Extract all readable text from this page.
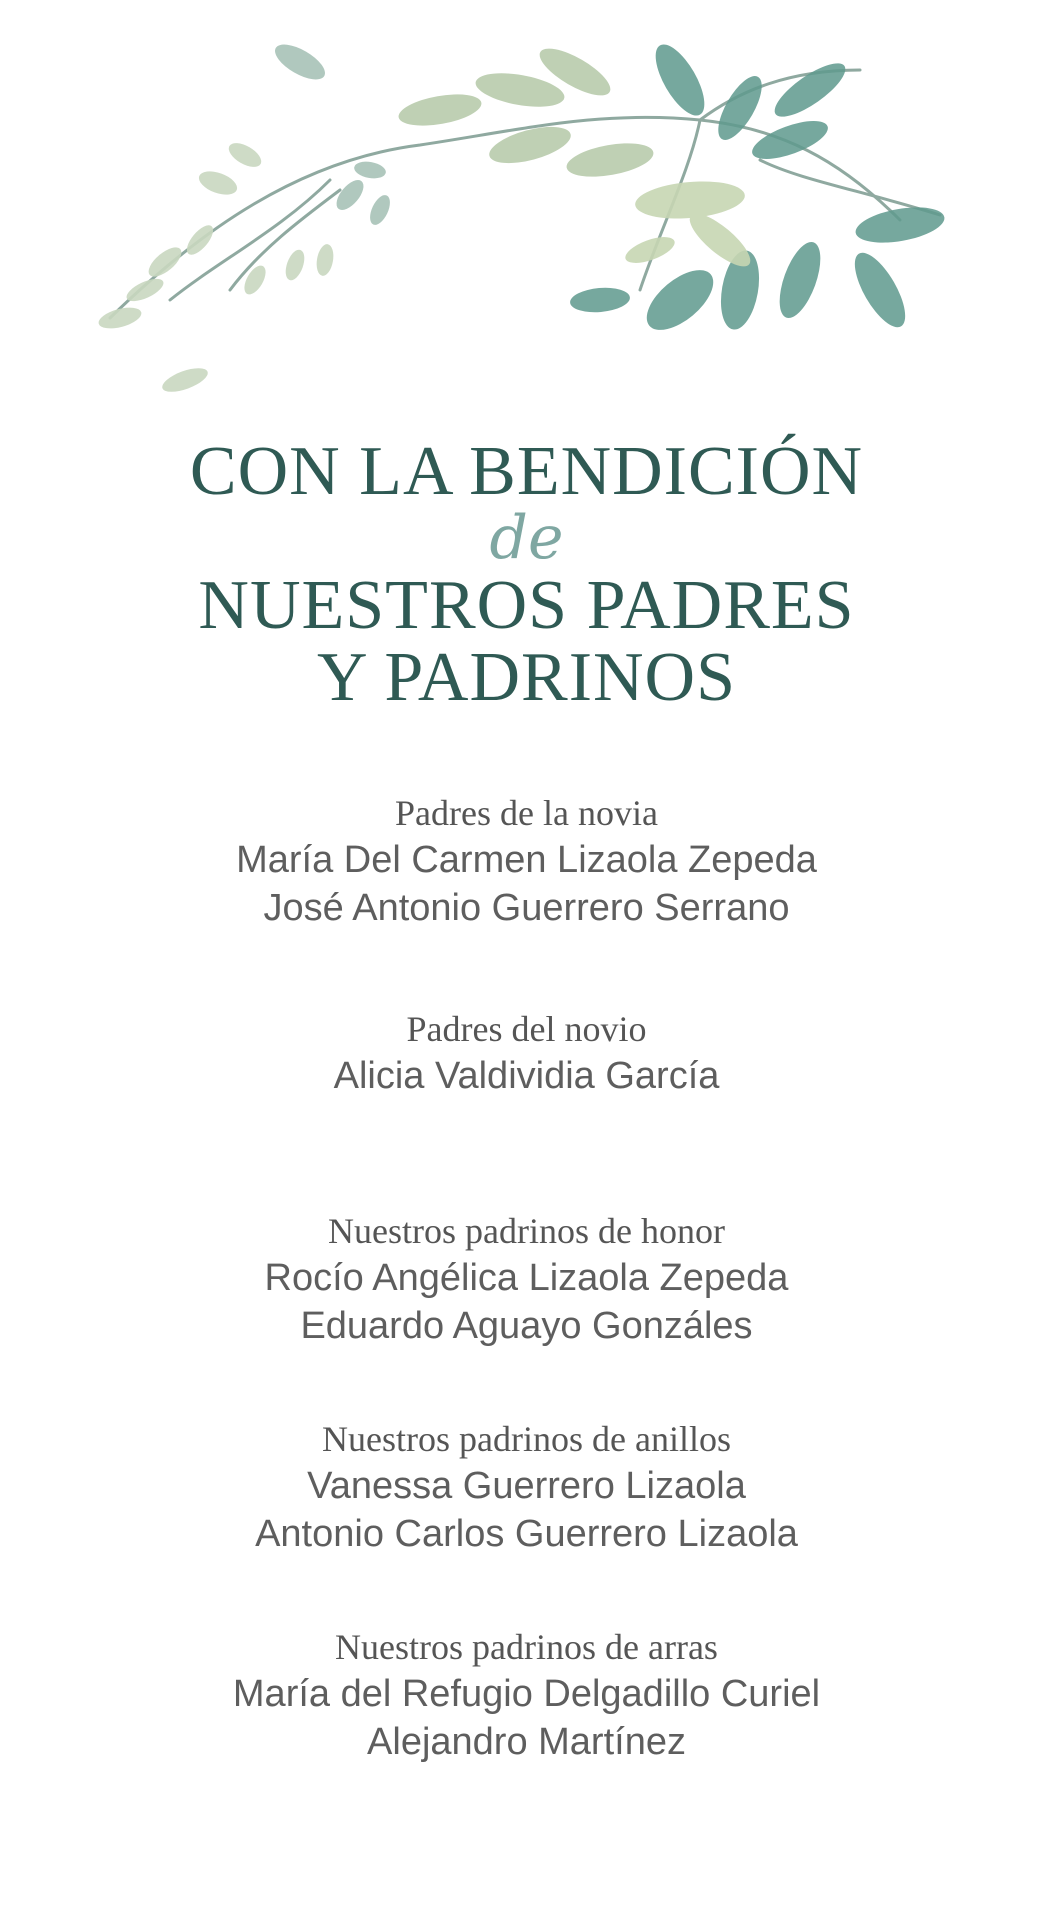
CON LA BENDICIÓN
de
NUESTROS PADRES
Y PADRINOS

Padres de la novia

María Del Carmen Lizaola Zepeda

José Antonio Guerrero Serrano

Padres del novio

Alicia Valdividia García

Nuestros padrinos de honor

Rocío Angélica Lizaola Zepeda

Eduardo Aguayo Gonzáles

Nuestros padrinos de anillos

Vanessa Guerrero Lizaola

Antonio Carlos Guerrero Lizaola

Nuestros padrinos de arras

María del Refugio Delgadillo Curiel

Alejandro Martínez
